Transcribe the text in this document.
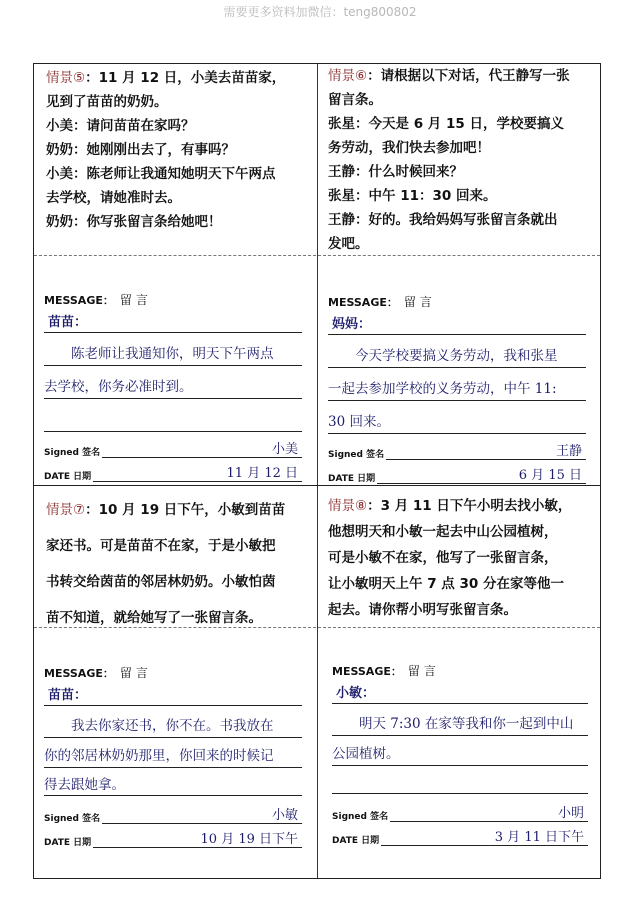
需要更多资料加微信：teng800802
情景⑤：11 月 12 日，小美去苗苗家，
见到了苗苗的奶奶。
小美：请问苗苗在家吗？
奶奶：她刚刚出去了，有事吗？
小美：陈老师让我通知她明天下午两点
去学校，请她准时去。
奶奶：你写张留言条给她吧！
情景⑥：请根据以下对话，代王静写一张
留言条。
张星：今天是 6 月 15 日，学校要搞义
务劳动，我们快去参加吧！
王静：什么时候回来？
张星：中午 11：30 回来。
王静：好的。我给妈妈写张留言条就出
发吧。
情景⑦：10 月 19 日下午，小敏到苗苗
家还书。可是苗苗不在家，于是小敏把
书转交给茵苗的邻居林奶奶。小敏怕茵
苗不知道，就给她写了一张留言条。
情景⑧：3 月 11 日下午小明去找小敏，
他想明天和小敏一起去中山公园植树，
可是小敏不在家，他写了一张留言条，
让小敏明天上午 7 点 30 分在家等他一
起去。请你帮小明写张留言条。
MESSAGE： 留言
苗苗：
　　陈老师让我通知你，明天下午两点
去学校，你务必准时到。
Signed 签名	小美
DATE 日期	11 月 12 日
MESSAGE： 留言
妈妈：
　　今天学校要搞义务劳动，我和张星
一起去参加学校的义务劳动，中午 11:
30 回来。
Signed 签名	王静
DATE 日期	6 月 15 日
MESSAGE： 留言
苗苗：
　　我去你家还书，你不在。书我放在
你的邻居林奶奶那里，你回来的时候记
得去跟她拿。
Signed 签名	小敏
DATE 日期	10 月 19 日下午
MESSAGE： 留言
小敏：
　　明天 7:30 在家等我和你一起到中山
公园植树。
Signed 签名	小明
DATE 日期	3 月 11 日下午
